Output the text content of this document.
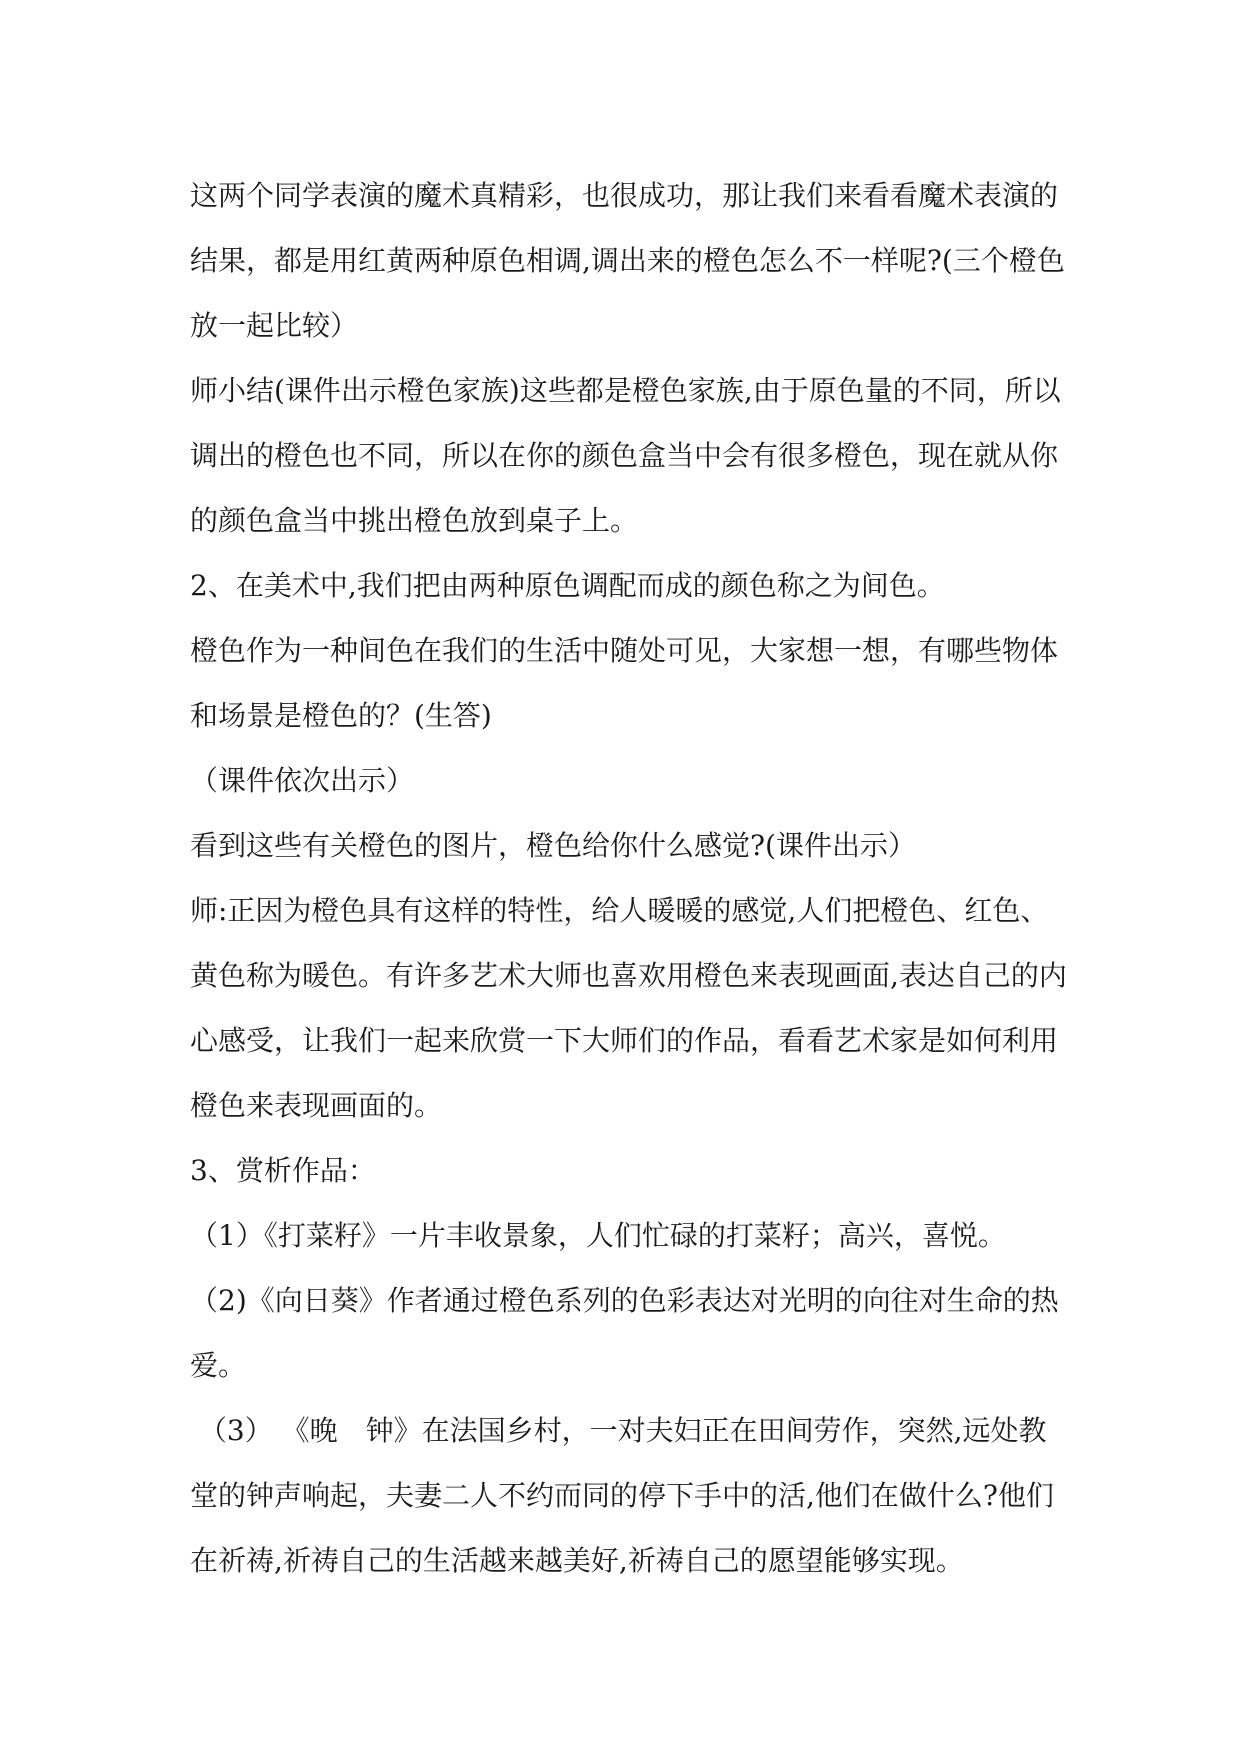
这两个同学表演的魔术真精彩，也很成功，那让我们来看看魔术表演的结果，都是用红黄两种原色相调,调出来的橙色怎么不一样呢?(三个橙色放一起比较）

师小结(课件出示橙色家族)这些都是橙色家族,由于原色量的不同，所以调出的橙色也不同，所以在你的颜色盒当中会有很多橙色，现在就从你的颜色盒当中挑出橙色放到桌子上。

2、在美术中,我们把由两种原色调配而成的颜色称之为间色。

橙色作为一种间色在我们的生活中随处可见，大家想一想，有哪些物体和场景是橙色的？(生答)

（课件依次出示）

看到这些有关橙色的图片，橙色给你什么感觉?(课件出示）

师:正因为橙色具有这样的特性，给人暖暖的感觉,人们把橙色、红色、黄色称为暖色。有许多艺术大师也喜欢用橙色来表现画面,表达自己的内心感受，让我们一起来欣赏一下大师们的作品，看看艺术家是如何利用橙色来表现画面的。

3、赏析作品：

（1）《打菜籽》一片丰收景象，人们忙碌的打菜籽；高兴，喜悦。

（2)《向日葵》作者通过橙色系列的色彩表达对光明的向往对生命的热爱。

（3） 《晚　钟》在法国乡村，一对夫妇正在田间劳作，突然,远处教堂的钟声响起，夫妻二人不约而同的停下手中的活,他们在做什么?他们在祈祷,祈祷自己的生活越来越美好,祈祷自己的愿望能够实现。
